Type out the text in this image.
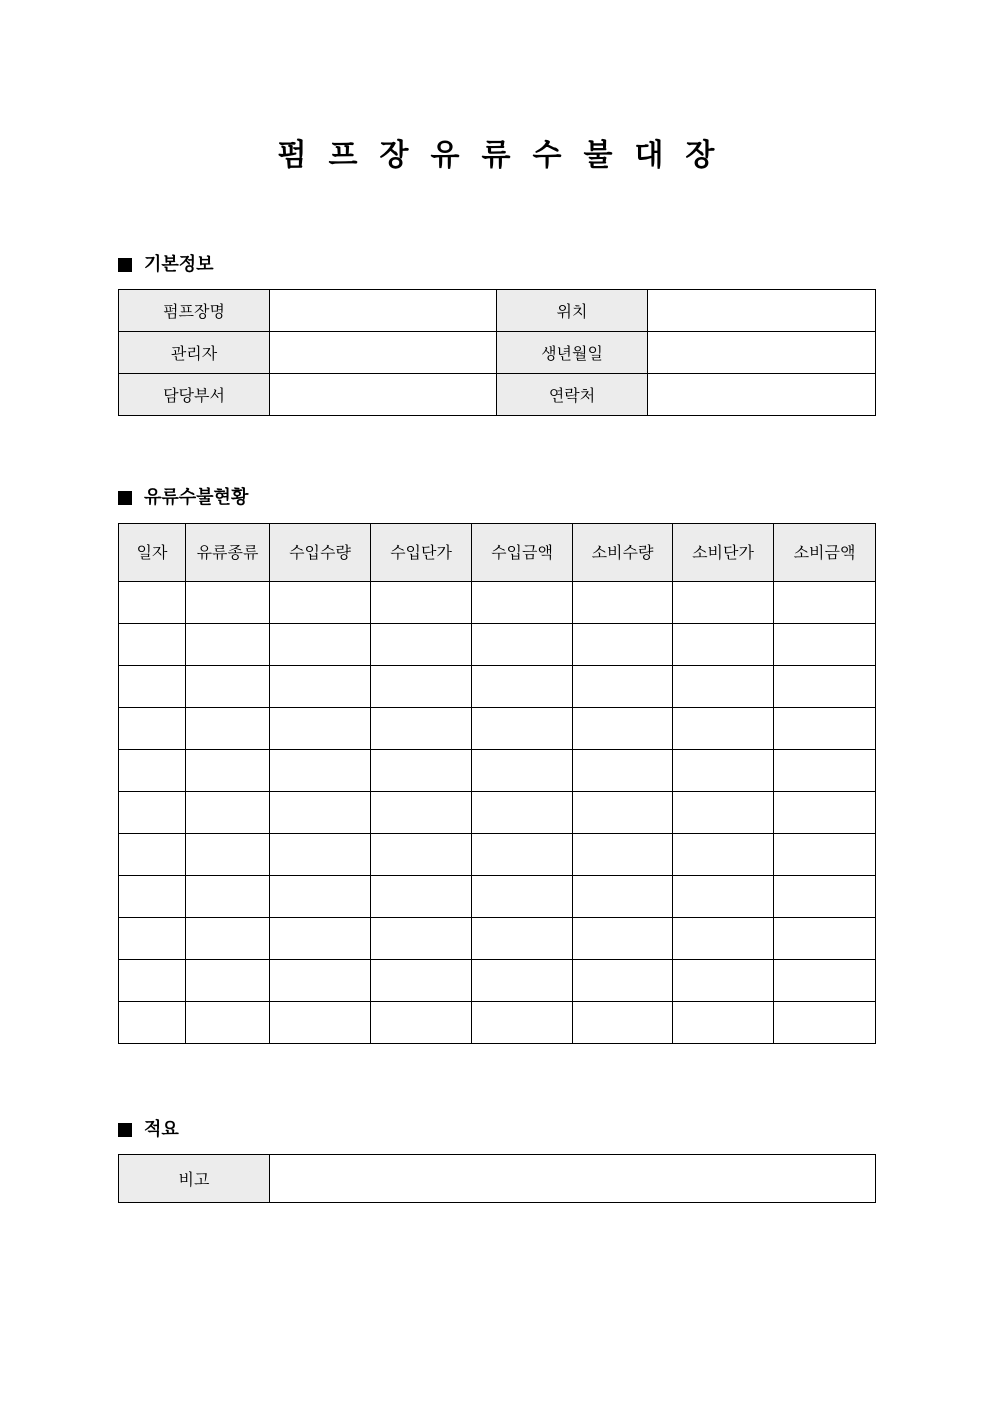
펌프장유류수불대장
기본정보
펌프장명		위치	
관리자		생년월일	
담당부서		연락처	
유류수불현황
일자	유류종류	수입수량	수입단가	수입금액	소비수량	소비단가	소비금액

적요
비고	
